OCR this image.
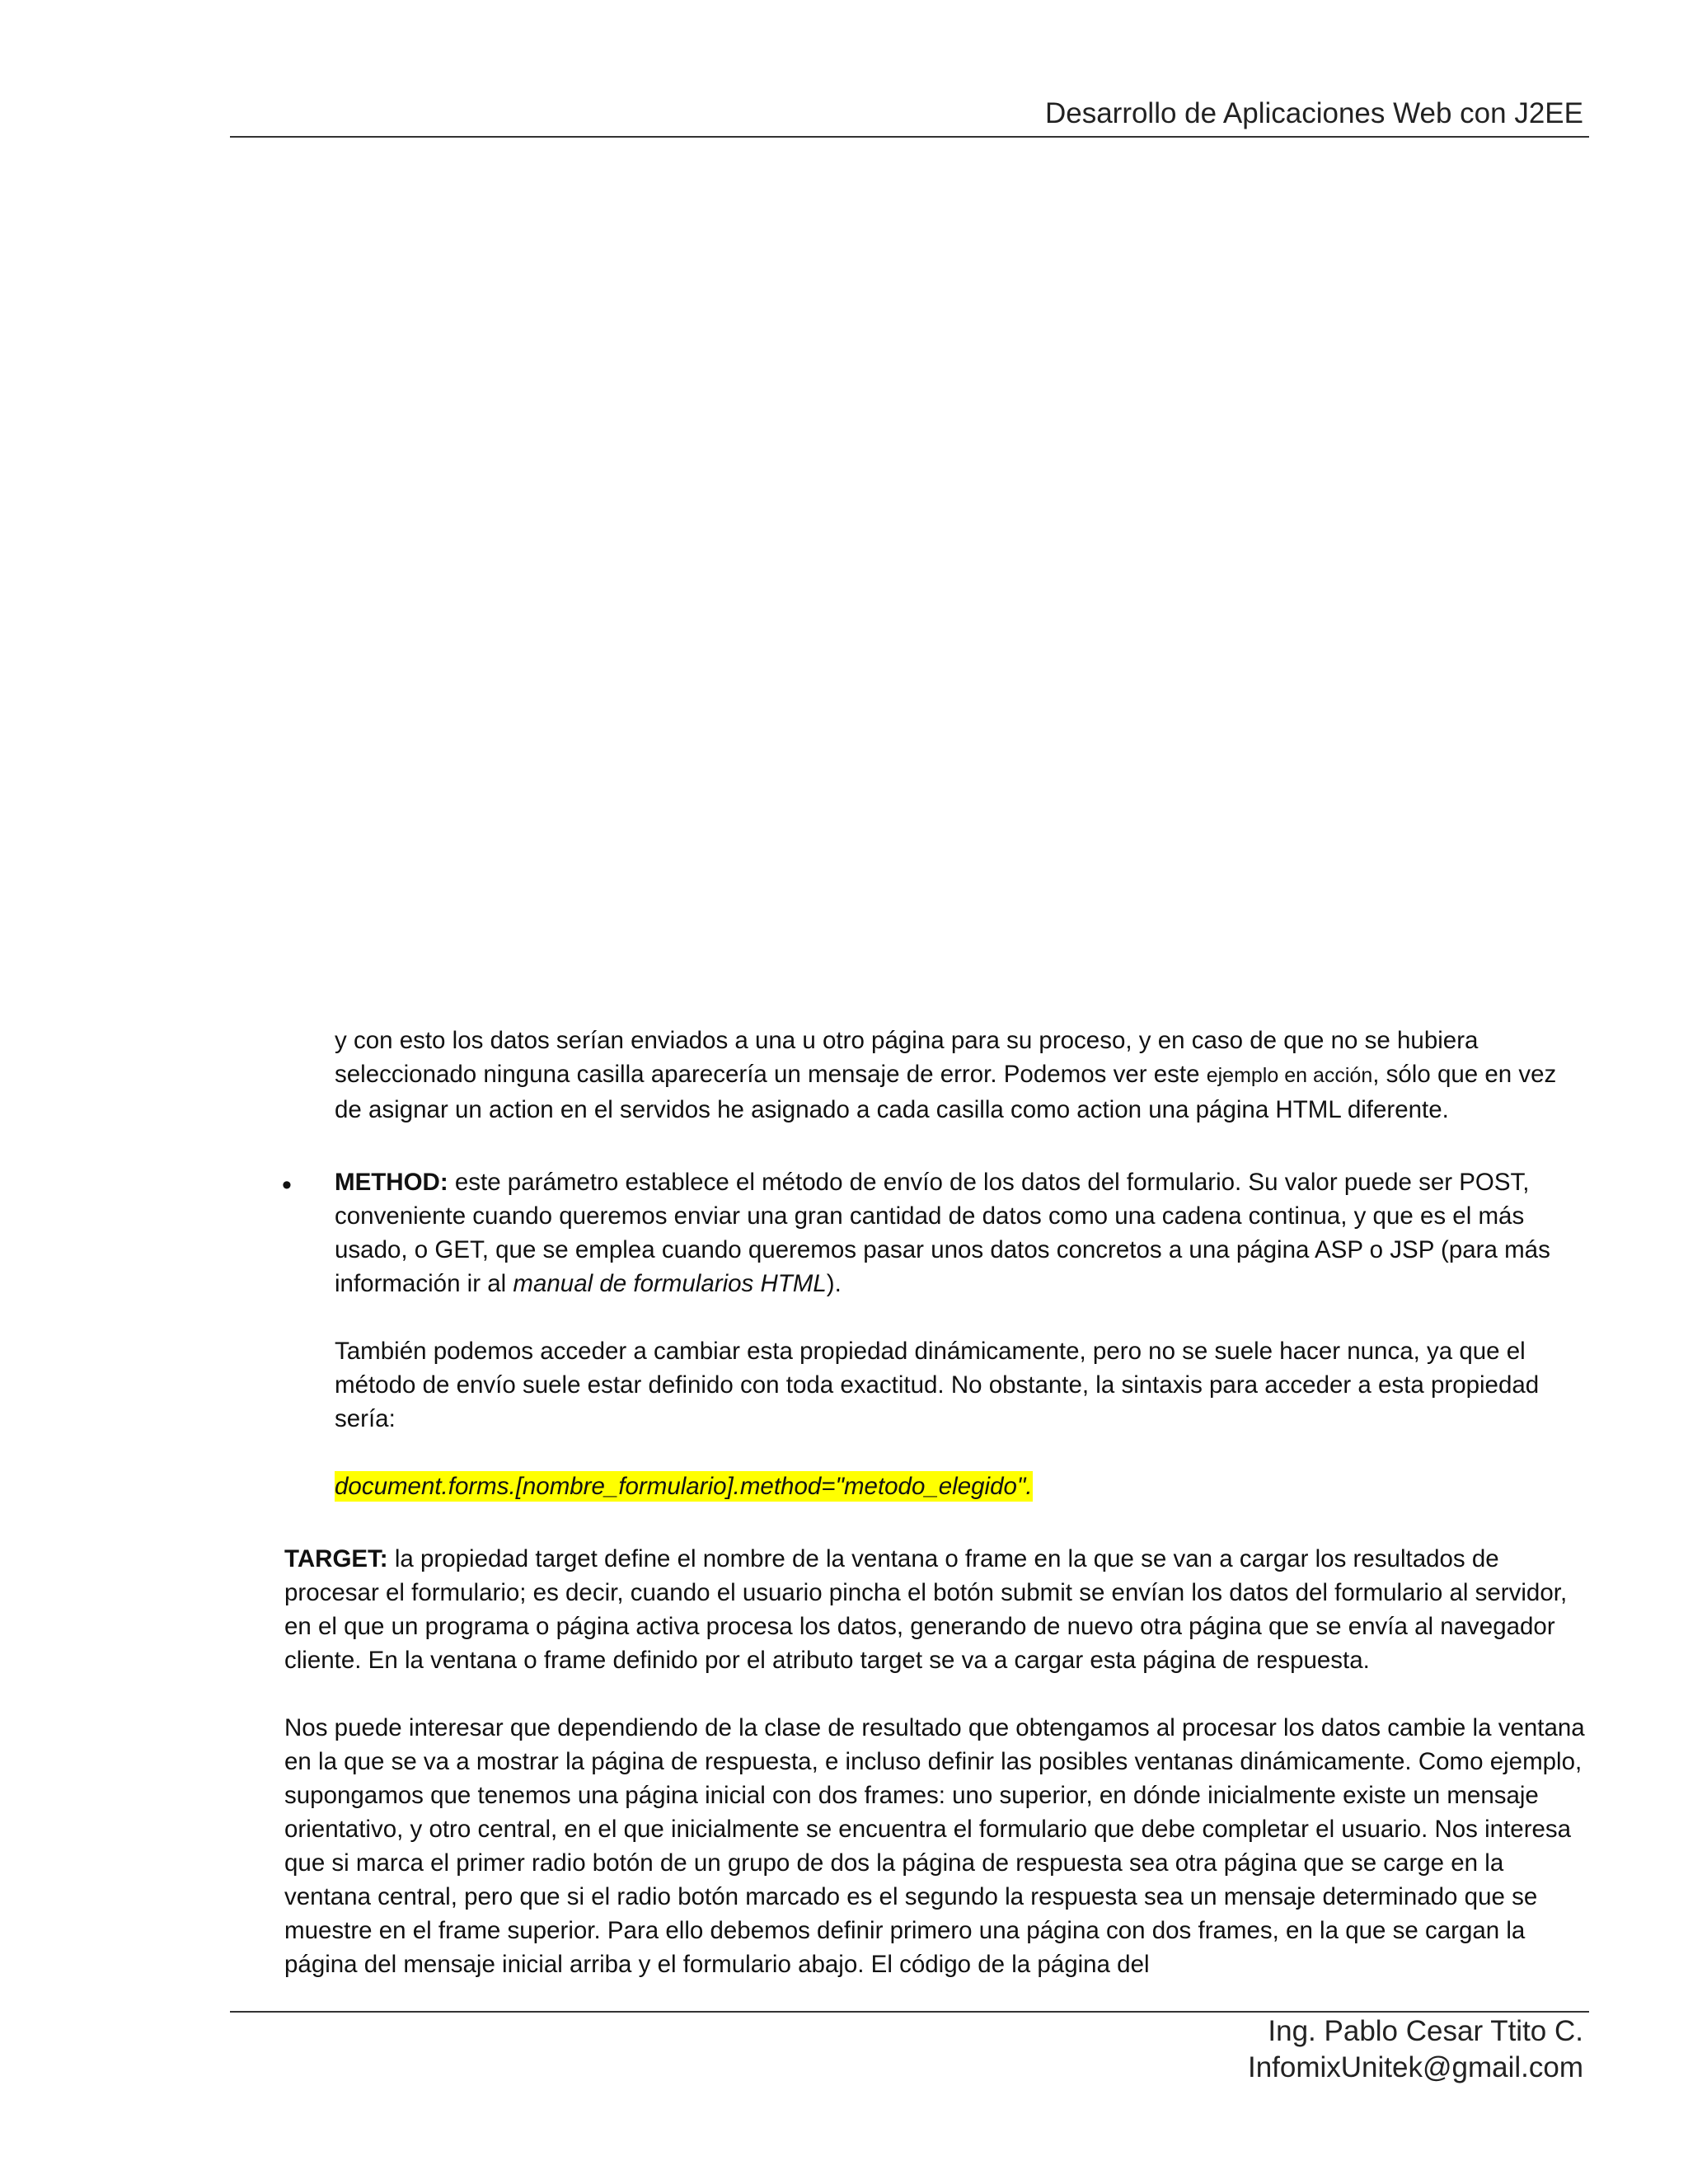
Desarrollo de Aplicaciones Web con J2EE

y con esto los datos serían enviados a una u otro página para su proceso, y en caso de que no se hubiera seleccionado ninguna casilla aparecería un mensaje de error. Podemos ver este ejemplo en acción, sólo que en vez de asignar un action en el servidos he asignado a cada casilla como action una página HTML diferente.

• METHOD: este parámetro establece el método de envío de los datos del formulario. Su valor puede ser POST, conveniente cuando queremos enviar una gran cantidad de datos como una cadena continua, y que es el más usado, o GET, que se emplea cuando queremos pasar unos datos concretos a una página ASP o JSP (para más información ir al manual de formularios HTML).

También podemos acceder a cambiar esta propiedad dinámicamente, pero no se suele hacer nunca, ya que el método de envío suele estar definido con toda exactitud. No obstante, la sintaxis para acceder a esta propiedad sería:

document.forms.[nombre_formulario].method="metodo_elegido".

TARGET: la propiedad target define el nombre de la ventana o frame en la que se van a cargar los resultados de procesar el formulario; es decir, cuando el usuario pincha el botón submit se envían los datos del formulario al servidor, en el que un programa o página activa procesa los datos, generando de nuevo otra página que se envía al navegador cliente. En la ventana o frame definido por el atributo target se va a cargar esta página de respuesta.

Nos puede interesar que dependiendo de la clase de resultado que obtengamos al procesar los datos cambie la ventana en la que se va a mostrar la página de respuesta, e incluso definir las posibles ventanas dinámicamente. Como ejemplo, supongamos que tenemos una página inicial con dos frames: uno superior, en dónde inicialmente existe un mensaje orientativo, y otro central, en el que inicialmente se encuentra el formulario que debe completar el usuario. Nos interesa que si marca el primer radio botón de un grupo de dos la página de respuesta sea otra página que se carge en la ventana central, pero que si el radio botón marcado es el segundo la respuesta sea un mensaje determinado que se muestre en el frame superior. Para ello debemos definir primero una página con dos frames, en la que se cargan la página del mensaje inicial arriba y el formulario abajo. El código de la página del

Ing. Pablo Cesar Ttito C.
InfomixUnitek@gmail.com
